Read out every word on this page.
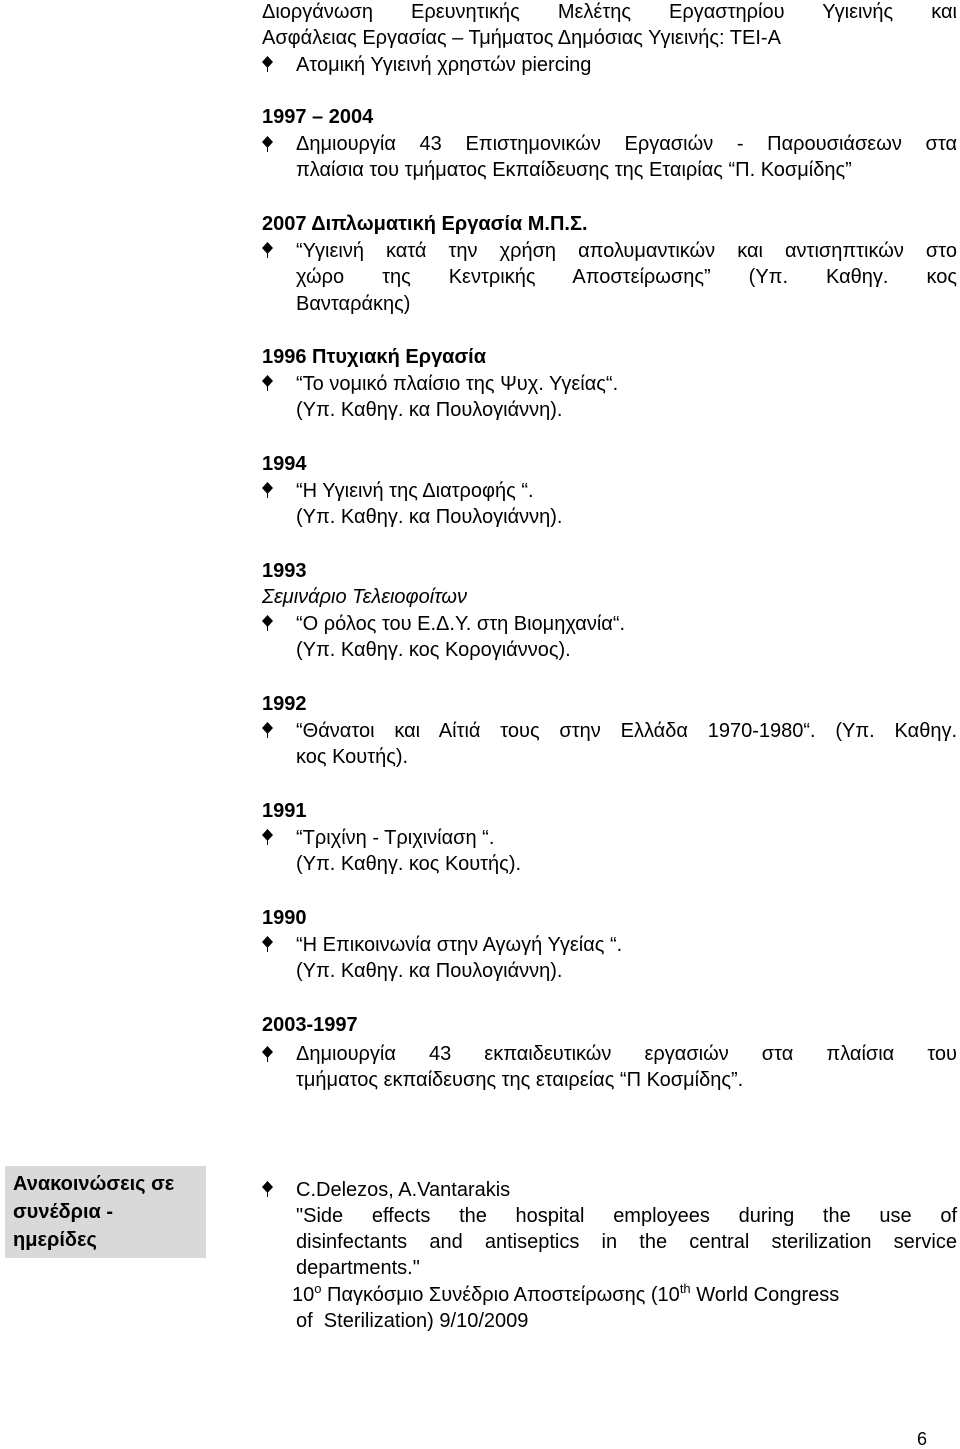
Διοργάνωση Ερευνητικής Μελέτης Εργαστηρίου Υγιεινής και
Ασφάλειας Εργασίας – Τμήματος Δημόσιας Υγιεινής: ΤΕΙ-Α
Ατομική Υγιεινή χρηστών piercing
1997 – 2004
Δημιουργία 43 Επιστημονικών Εργασιών - Παρουσιάσεων στα
πλαίσια του τμήματος Εκπαίδευσης της Εταιρίας “Π. Κοσμίδης”
2007 Διπλωματική Εργασία Μ.Π.Σ.
“Υγιεινή κατά την χρήση απολυμαντικών και αντισηπτικών στο
χώρο της Κεντρικής Αποστείρωσης” (Υπ. Καθηγ. κος
Βανταράκης)
1996 Πτυχιακή Εργασία
“Το νομικό πλαίσιο της Ψυχ. Υγείας“.
(Υπ. Καθηγ. κα Πουλογιάννη).
1994
“Η Υγιεινή της Διατροφής “.
(Υπ. Καθηγ. κα Πουλογιάννη).
1993
Σεμινάριο Τελειοφοίτων
“Ο ρόλος του Ε.Δ.Υ. στη Βιομηχανία“.
(Υπ. Καθηγ. κος Κορογιάννος).
1992
“Θάνατοι και Αίτιά τους στην Ελλάδα 1970-1980“. (Υπ. Καθηγ.
κος Κουτής).
1991
“Τριχίνη - Τριχινίαση “.
(Υπ. Καθηγ. κος Κουτής).
1990
“Η Επικοινωνία στην Αγωγή Υγείας “.
(Υπ. Καθηγ. κα Πουλογιάννη).
2003-1997
Δημιουργία 43 εκπαιδευτικών εργασιών στα πλαίσια του
τμήματος εκπαίδευσης της εταιρείας “Π Κοσμίδης”.
Ανακοινώσεις σε
συνέδρια -
ημερίδες
C.Delezos, A.Vantarakis
"Side effects the hospital employees during the use of
disinfectants and antiseptics in the central sterilization service
departments."
$10^o$ Παγκόσμιο Συνέδριο Αποστείρωσης (10th World Congress
of  Sterilization) 9/10/2009
6
